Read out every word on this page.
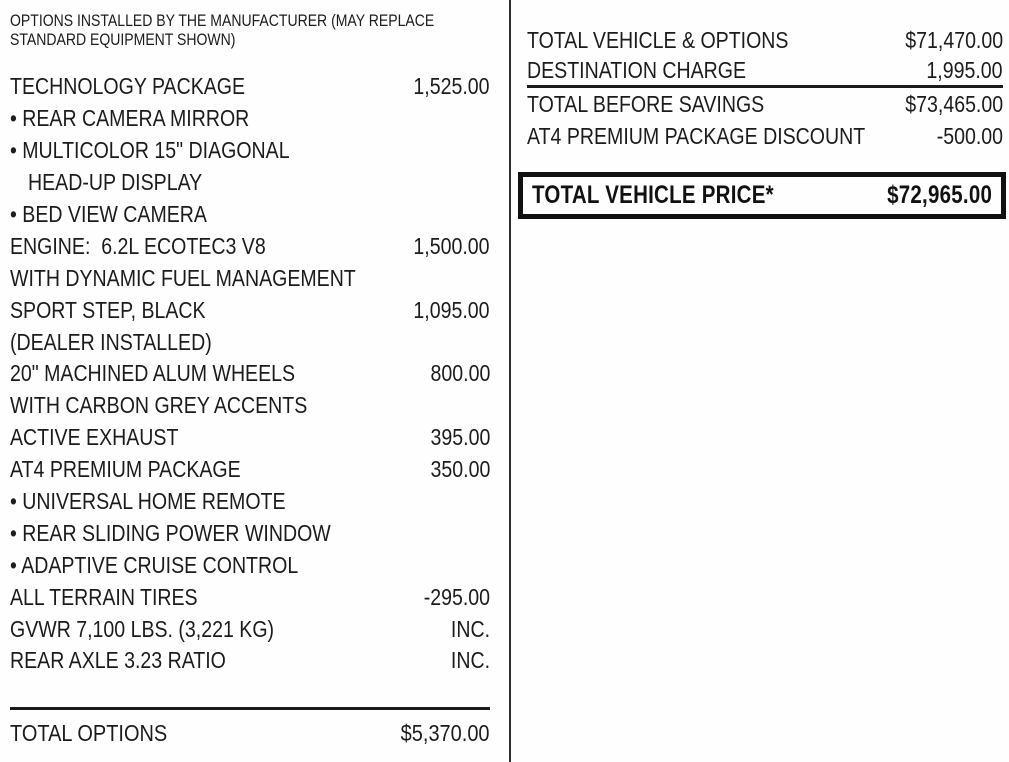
OPTIONS INSTALLED BY THE MANUFACTURER (MAY REPLACE STANDARD EQUIPMENT SHOWN)
TECHNOLOGY PACKAGE	1,525.00
• REAR CAMERA MIRROR
• MULTICOLOR 15" DIAGONAL
HEAD-UP DISPLAY
• BED VIEW CAMERA
ENGINE:  6.2L ECOTEC3 V8	1,500.00
WITH DYNAMIC FUEL MANAGEMENT
SPORT STEP, BLACK	1,095.00
(DEALER INSTALLED)
20" MACHINED ALUM WHEELS	800.00
WITH CARBON GREY ACCENTS
ACTIVE EXHAUST	395.00
AT4 PREMIUM PACKAGE	350.00
• UNIVERSAL HOME REMOTE
• REAR SLIDING POWER WINDOW
• ADAPTIVE CRUISE CONTROL
ALL TERRAIN TIRES	-295.00
GVWR 7,100 LBS. (3,221 KG)	INC.
REAR AXLE 3.23 RATIO	INC.
TOTAL OPTIONS	$5,370.00
TOTAL VEHICLE & OPTIONS	$71,470.00
DESTINATION CHARGE	1,995.00
TOTAL BEFORE SAVINGS	$73,465.00
AT4 PREMIUM PACKAGE DISCOUNT	-500.00
TOTAL VEHICLE PRICE*	$72,965.00
